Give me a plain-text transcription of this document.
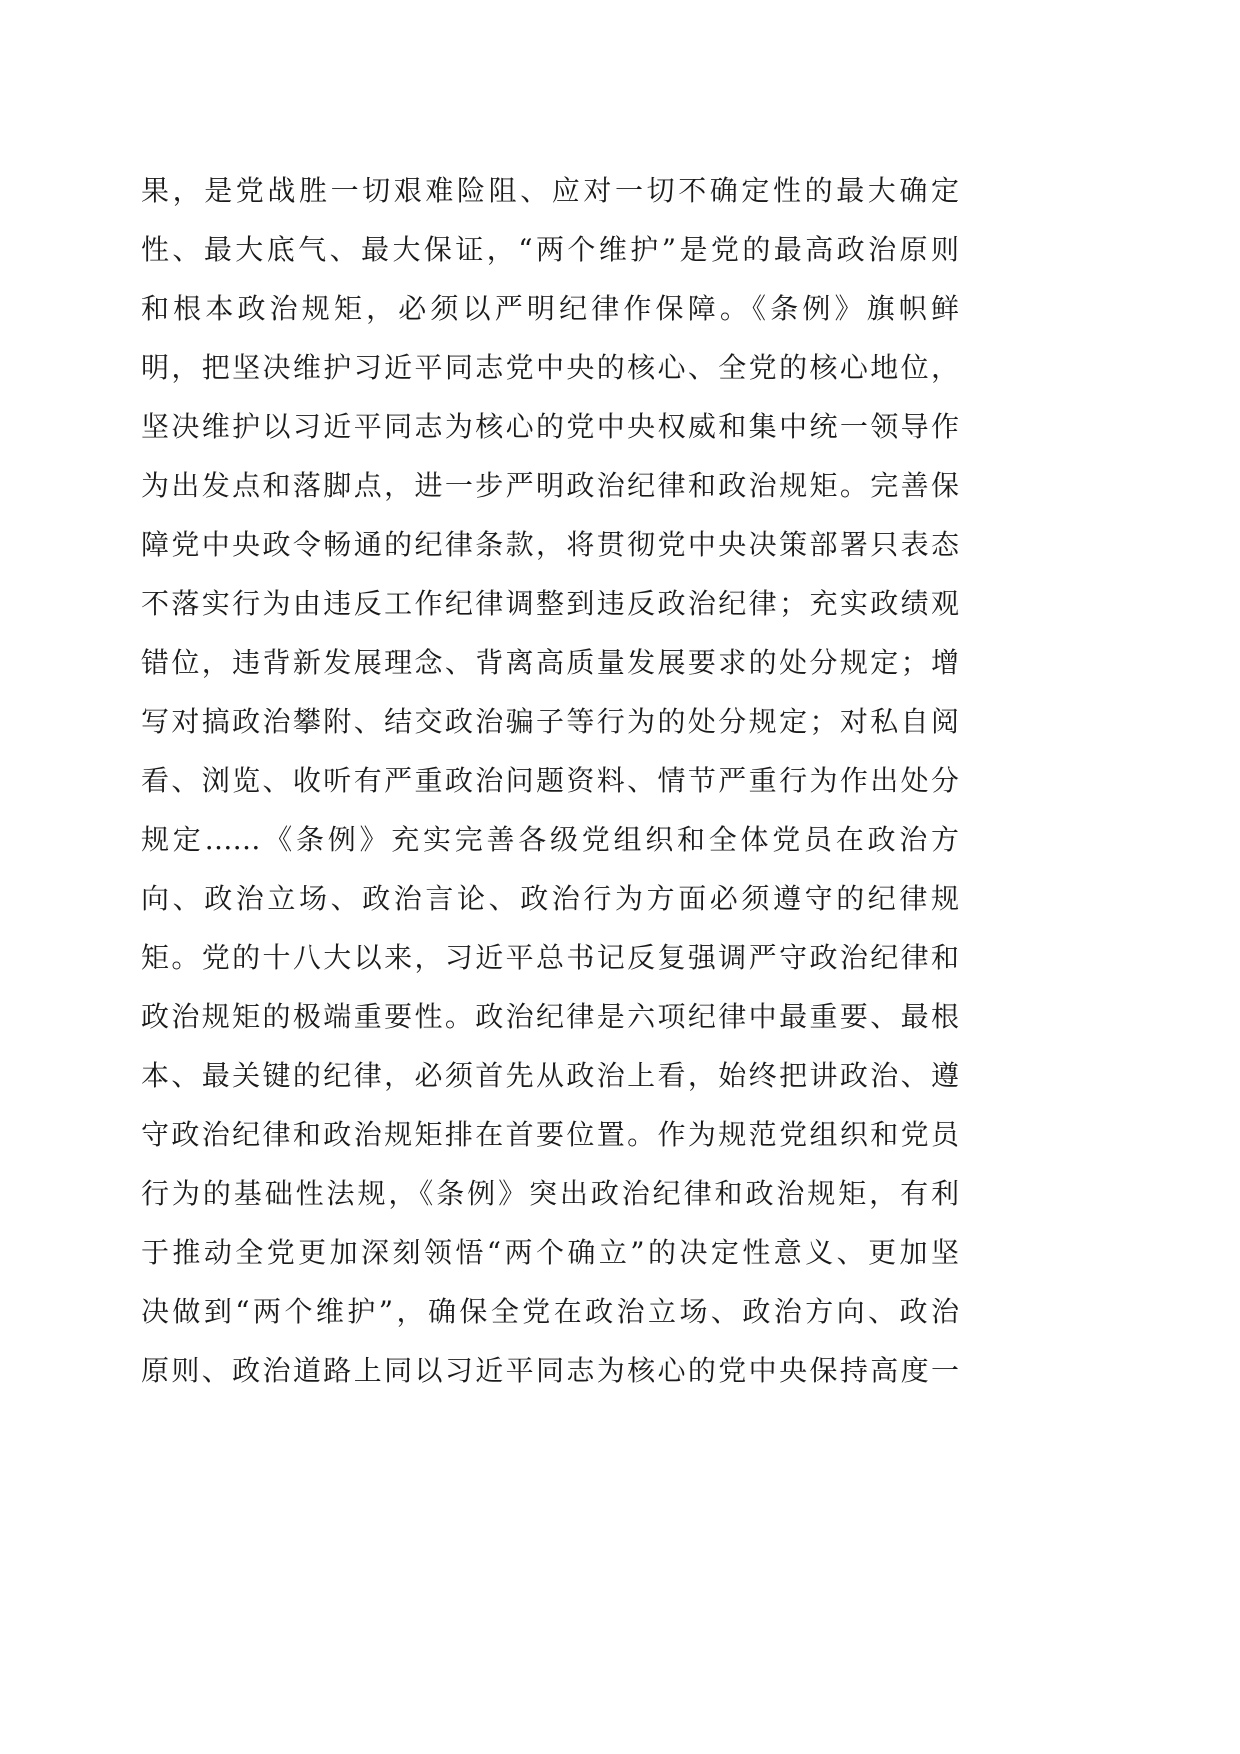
果，是党战胜一切艰难险阻、应对一切不确定性的最大确定
性、最大底气、最大保证，“两个维护”是党的最高政治原则
和根本政治规矩，必须以严明纪律作保障。《条例》旗帜鲜
明，把坚决维护习近平同志党中央的核心、全党的核心地位，
坚决维护以习近平同志为核心的党中央权威和集中统一领导作
为出发点和落脚点，进一步严明政治纪律和政治规矩。完善保
障党中央政令畅通的纪律条款，将贯彻党中央决策部署只表态
不落实行为由违反工作纪律调整到违反政治纪律；充实政绩观
错位，违背新发展理念、背离高质量发展要求的处分规定；增
写对搞政治攀附、结交政治骗子等行为的处分规定；对私自阅
看、浏览、收听有严重政治问题资料、情节严重行为作出处分
规定……《条例》充实完善各级党组织和全体党员在政治方
向、政治立场、政治言论、政治行为方面必须遵守的纪律规
矩。党的十八大以来，习近平总书记反复强调严守政治纪律和
政治规矩的极端重要性。政治纪律是六项纪律中最重要、最根
本、最关键的纪律，必须首先从政治上看，始终把讲政治、遵
守政治纪律和政治规矩排在首要位置。作为规范党组织和党员
行为的基础性法规，《条例》突出政治纪律和政治规矩，有利
于推动全党更加深刻领悟“两个确立”的决定性意义、更加坚
决做到“两个维护”，确保全党在政治立场、政治方向、政治
原则、政治道路上同以习近平同志为核心的党中央保持高度一
